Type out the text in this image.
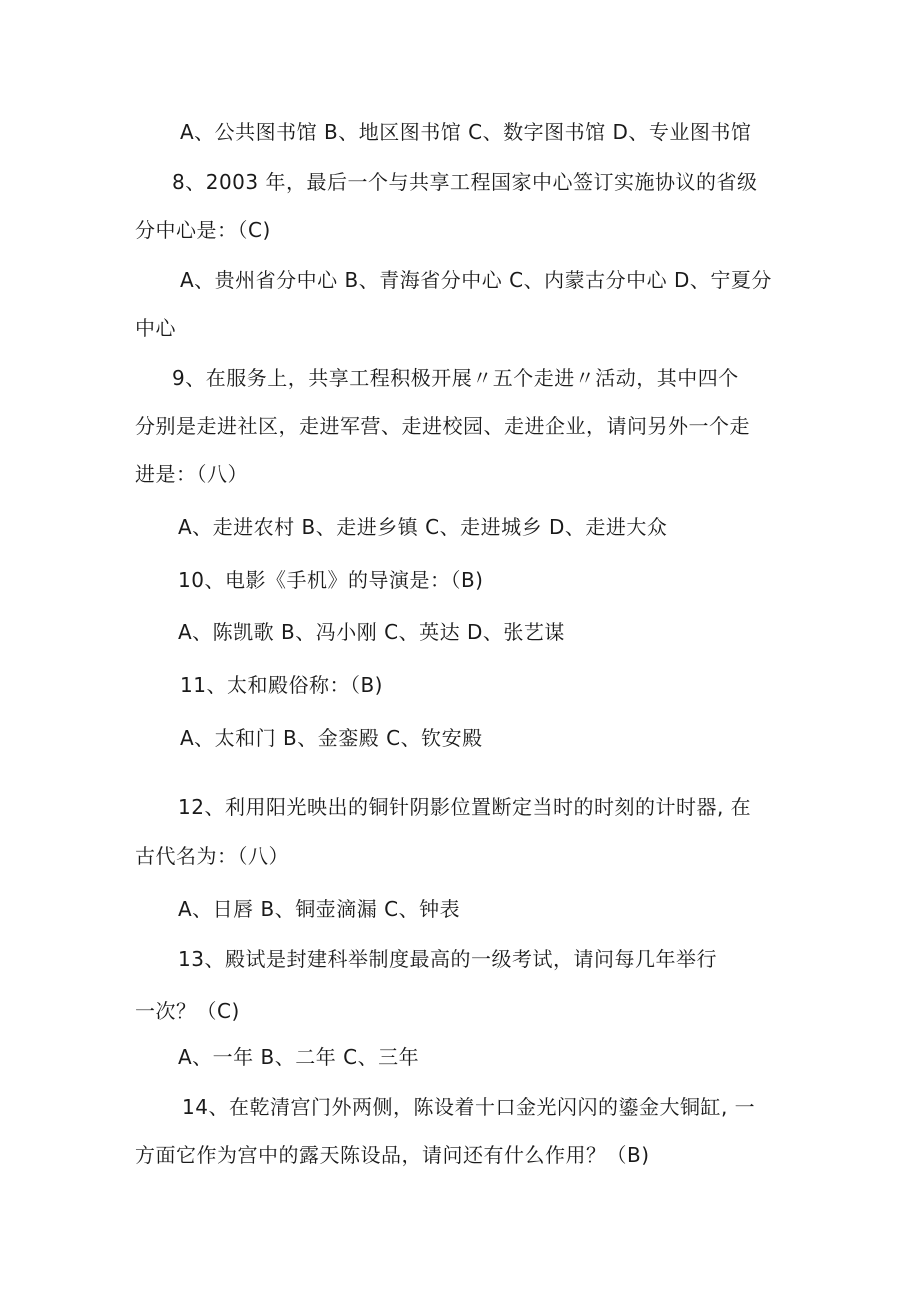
A、公共图书馆 B、地区图书馆 C、数字图书馆 D、专业图书馆
8、2003 年，最后一个与共享工程国家中心签订实施协议的省级
分中心是：（C)
A、贵州省分中心 B、青海省分中心 C、内蒙古分中心 D、宁夏分
中心
9、在服务上，共享工程积极开展〃五个走进〃活动，其中四个
分别是走进社区，走进军营、走进校园、走进企业，请问另外一个走
进是：（八）
A、走进农村 B、走进乡镇 C、走进城乡 D、走进大众
10、电影《手机》的导演是：（B)
A、陈凯歌 B、冯小刚 C、英达 D、张艺谋
11、太和殿俗称：（B)
A、太和门 B、金銮殿 C、钦安殿
12、利用阳光映出的铜针阴影位置断定当时的时刻的计时器, 在
古代名为：（八）
A、日唇 B、铜壶滴漏 C、钟表
13、殿试是封建科举制度最高的一级考试，请问每几年举行
一次？（C)
A、一年 B、二年 C、三年
14、在乾清宫门外两侧，陈设着十口金光闪闪的鎏金大铜缸, 一
方面它作为宫中的露天陈设品，请问还有什么作用？（B)
